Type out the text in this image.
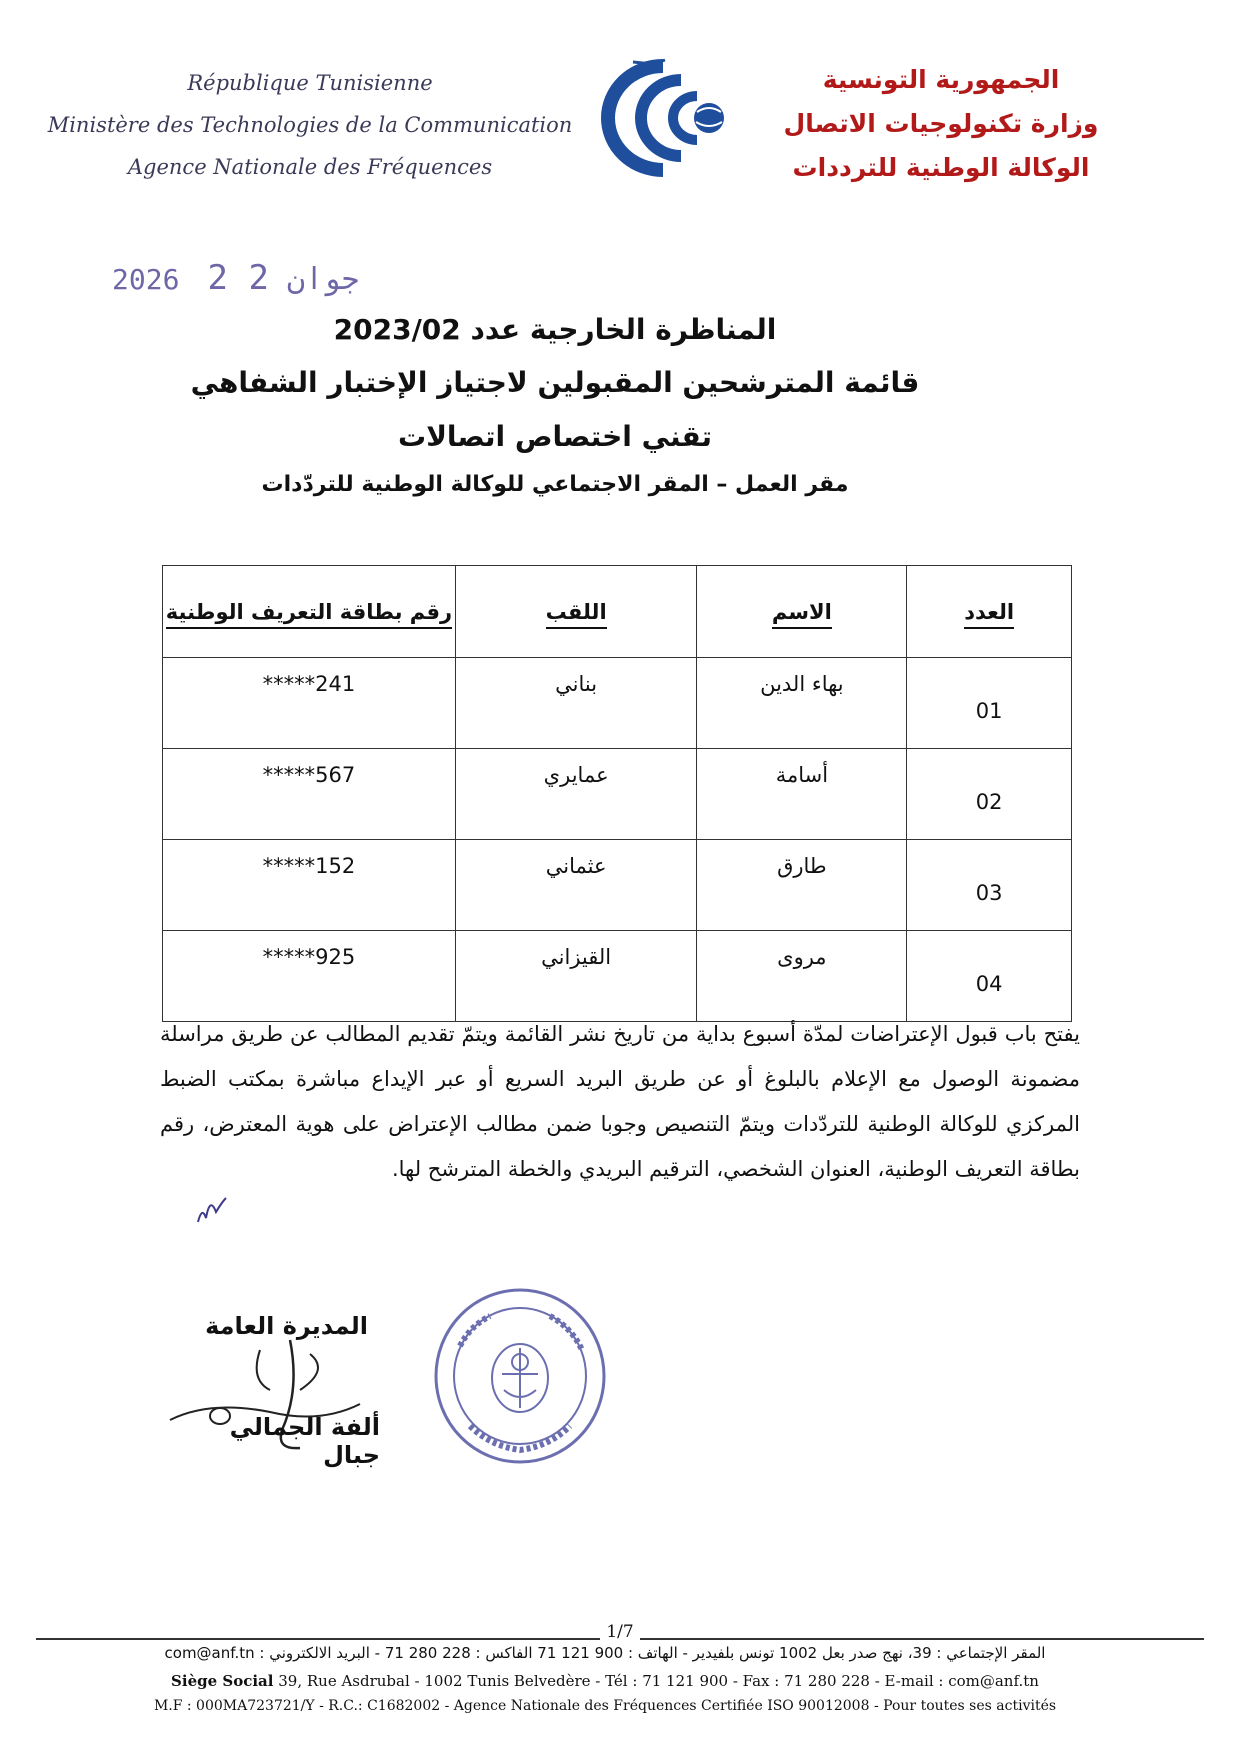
République Tunisienne
Ministère des Technologies de la Communication
Agence Nationale des Fréquences
الجمهورية التونسية
وزارة تكنولوجيات الاتصال
الوكالة الوطنية للترددات
2026	جوان 2 2
المناظرة الخارجية عدد 2023/02
قائمة المترشحين المقبولين لاجتياز الإختبار الشفاهي
تقني اختصاص اتصالات
مقر العمل – المقر الاجتماعي للوكالة الوطنية للتردّدات
العدد	الاسم	اللقب	رقم بطاقة التعريف الوطنية
01	بهاء الدين	بناني	*****241
02	أسامة	عمايري	*****567
03	طارق	عثماني	*****152
04	مروى	القيزاني	*****925
يفتح باب قبول الإعتراضات لمدّة أسبوع بداية من تاريخ نشر القائمة ويتمّ تقديم المطالب عن طريق مراسلة مضمونة الوصول مع الإعلام بالبلوغ أو عن طريق البريد السريع أو عبر الإيداع مباشرة بمكتب الضبط المركزي للوكالة الوطنية للتردّدات ويتمّ التنصيص وجوبا ضمن مطالب الإعتراض على هوية المعترض، رقم بطاقة التعريف الوطنية، العنوان الشخصي، الترقيم البريدي والخطة المترشح لها.
المديرة العامة
ألفة الجمالي جبال
1/7
المقر الإجتماعي : 39، نهج صدر بعل 1002 تونس بلفيدير - الهاتف : 900 121 71 الفاكس : 228 280 71 - البريد الالكتروني : com@anf.tn
Siège Social 39, Rue Asdrubal - 1002 Tunis Belvedère - Tél : 71 121 900 - Fax : 71 280 228 - E-mail : com@anf.tn
M.F : 000MA723721/Y - R.C.: C1682002 - Agence Nationale des Fréquences Certifiée ISO 90012008 - Pour toutes ses activités
